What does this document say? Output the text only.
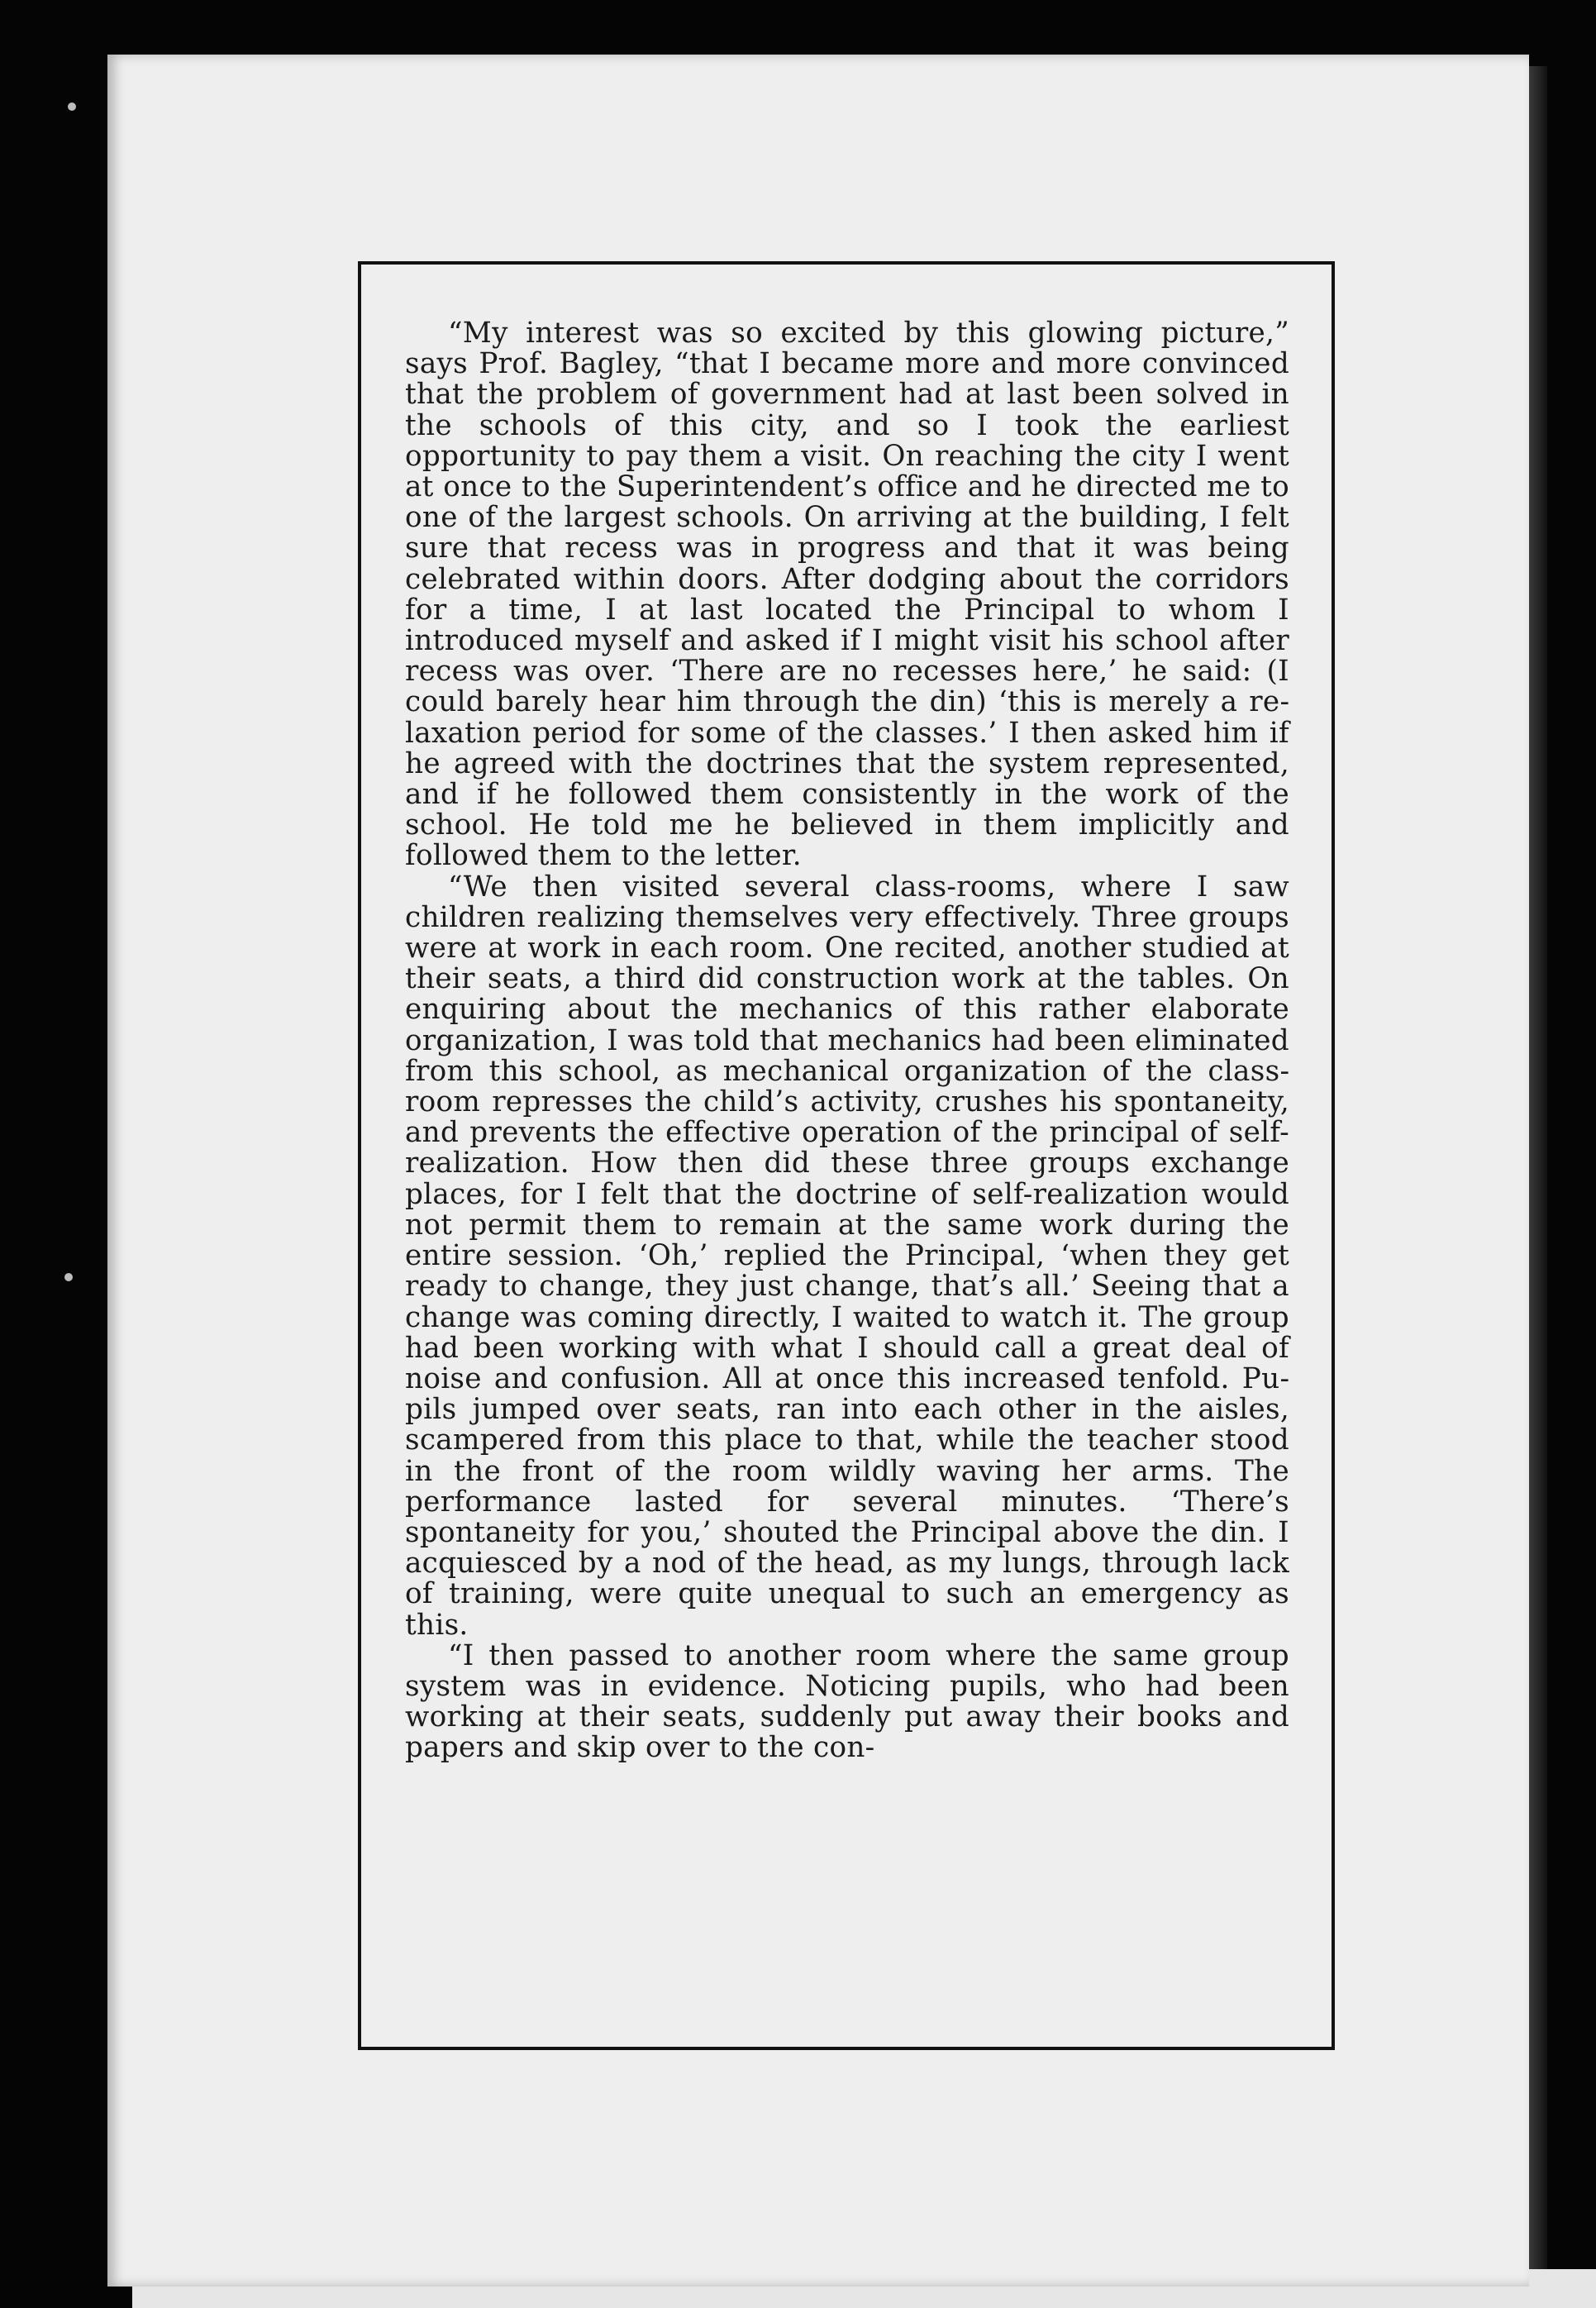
“My interest was so excited by this glowing picture,” says Prof. Bagley, “that I became more and more convinced that the problem of government had at last been solved in the schools of this city, and so I took the earliest opportunity to pay them a visit. On reaching the city I went at once to the Superintendent’s office and he directed me to one of the largest schools. On arriving at the building, I felt sure that recess was in progress and that it was being celebrated within doors. After dodging about the corridors for a time, I at last located the Principal to whom I introduced myself and asked if I might visit his school after recess was over. ‘There are no recesses here,’ he said: (I could barely hear him through the din) ‘this is merely a relaxation period for some of the classes.’ I then asked him if he agreed with the doctrines that the system represented, and if he followed them consistently in the work of the school. He told me he believed in them implicitly and followed them to the letter.

“We then visited several class-rooms, where I saw children realizing themselves very effectively. Three groups were at work in each room. One recited, another studied at their seats, a third did construction work at the tables. On enquiring about the mechanics of this rather elaborate organization, I was told that mechanics had been eliminated from this school, as mechanical organization of the classroom represses the child’s activity, crushes his spontaneity, and prevents the effective operation of the principal of self-realization. How then did these three groups exchange places, for I felt that the doctrine of self-realization would not permit them to remain at the same work during the entire session. ‘Oh,’ replied the Principal, ‘when they get ready to change, they just change, that’s all.’ Seeing that a change was coming directly, I waited to watch it. The group had been working with what I should call a great deal of noise and confusion. All at once this increased tenfold. Pupils jumped over seats, ran into each other in the aisles, scampered from this place to that, while the teacher stood in the front of the room wildly waving her arms. The performance lasted for several minutes. ‘There’s spontaneity for you,’ shouted the Principal above the din. I acquiesced by a nod of the head, as my lungs, through lack of training, were quite unequal to such an emergency as this.

“I then passed to another room where the same group system was in evidence. Noticing pupils, who had been working at their seats, suddenly put away their books and papers and skip over to the con-
